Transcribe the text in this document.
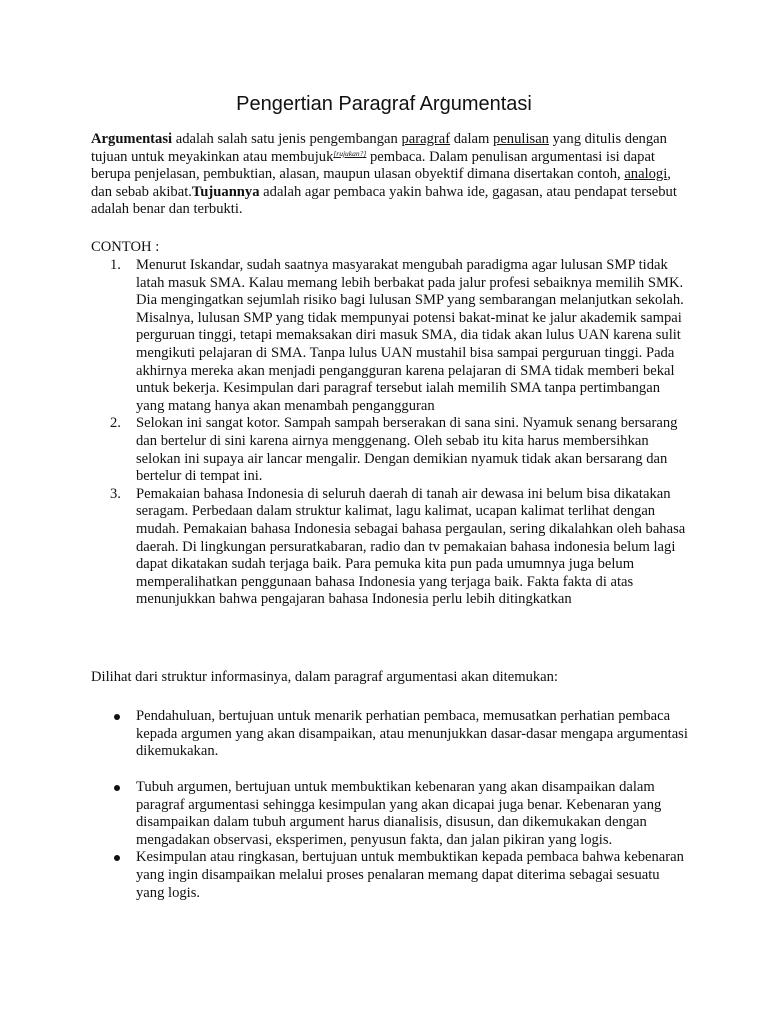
Pengertian Paragraf Argumentasi

Argumentasi adalah salah satu jenis pengembangan paragraf dalam penulisan yang ditulis dengan tujuan untuk meyakinkan atau membujuk[rujukan?] pembaca. Dalam penulisan argumentasi isi dapat berupa penjelasan, pembuktian, alasan, maupun ulasan obyektif dimana disertakan contoh, analogi, dan sebab akibat.Tujuannya adalah agar pembaca yakin bahwa ide, gagasan, atau pendapat tersebut adalah benar dan terbukti.

CONTOH :

1. Menurut Iskandar, sudah saatnya masyarakat mengubah paradigma agar lulusan SMP tidak latah masuk SMA. Kalau memang lebih berbakat pada jalur profesi sebaiknya memilih SMK. Dia mengingatkan sejumlah risiko bagi lulusan SMP yang sembarangan melanjutkan sekolah. Misalnya, lulusan SMP yang tidak mempunyai potensi bakat-minat ke jalur akademik sampai perguruan tinggi, tetapi memaksakan diri masuk SMA, dia tidak akan lulus UAN karena sulit mengikuti pelajaran di SMA. Tanpa lulus UAN mustahil bisa sampai perguruan tinggi. Pada akhirnya mereka akan menjadi pengangguran karena pelajaran di SMA tidak memberi bekal untuk bekerja. Kesimpulan dari paragraf tersebut ialah memilih SMA tanpa pertimbangan yang matang hanya akan menambah pengangguran
2. Selokan ini sangat kotor. Sampah sampah berserakan di sana sini. Nyamuk senang bersarang dan bertelur di sini karena airnya menggenang. Oleh sebab itu kita harus membersihkan selokan ini supaya air lancar mengalir. Dengan demikian nyamuk tidak akan bersarang dan bertelur di tempat ini.
3. Pemakaian bahasa Indonesia di seluruh daerah di tanah air dewasa ini belum bisa dikatakan seragam. Perbedaan dalam struktur kalimat, lagu kalimat, ucapan kalimat terlihat dengan mudah. Pemakaian bahasa Indonesia sebagai bahasa pergaulan, sering dikalahkan oleh bahasa daerah. Di lingkungan persuratkabaran, radio dan tv pemakaian bahasa indonesia belum lagi dapat dikatakan sudah terjaga baik. Para pemuka kita pun pada umumnya juga belum memperalihatkan penggunaan bahasa Indonesia yang terjaga baik. Fakta fakta di atas menunjukkan bahwa pengajaran bahasa Indonesia perlu lebih ditingkatkan

Dilihat dari struktur informasinya, dalam paragraf argumentasi akan ditemukan:

Pendahuluan, bertujuan untuk menarik perhatian pembaca, memusatkan perhatian pembaca kepada argumen yang akan disampaikan, atau menunjukkan dasar-dasar mengapa argumentasi dikemukakan.
Tubuh argumen, bertujuan untuk membuktikan kebenaran yang akan disampaikan dalam paragraf argumentasi sehingga kesimpulan yang akan dicapai juga benar. Kebenaran yang disampaikan dalam tubuh argument harus dianalisis, disusun, dan dikemukakan dengan mengadakan observasi, eksperimen, penyusun fakta, dan jalan pikiran yang logis.
Kesimpulan atau ringkasan, bertujuan untuk membuktikan kepada pembaca bahwa kebenaran yang ingin disampaikan melalui proses penalaran memang dapat diterima sebagai sesuatu yang logis.
